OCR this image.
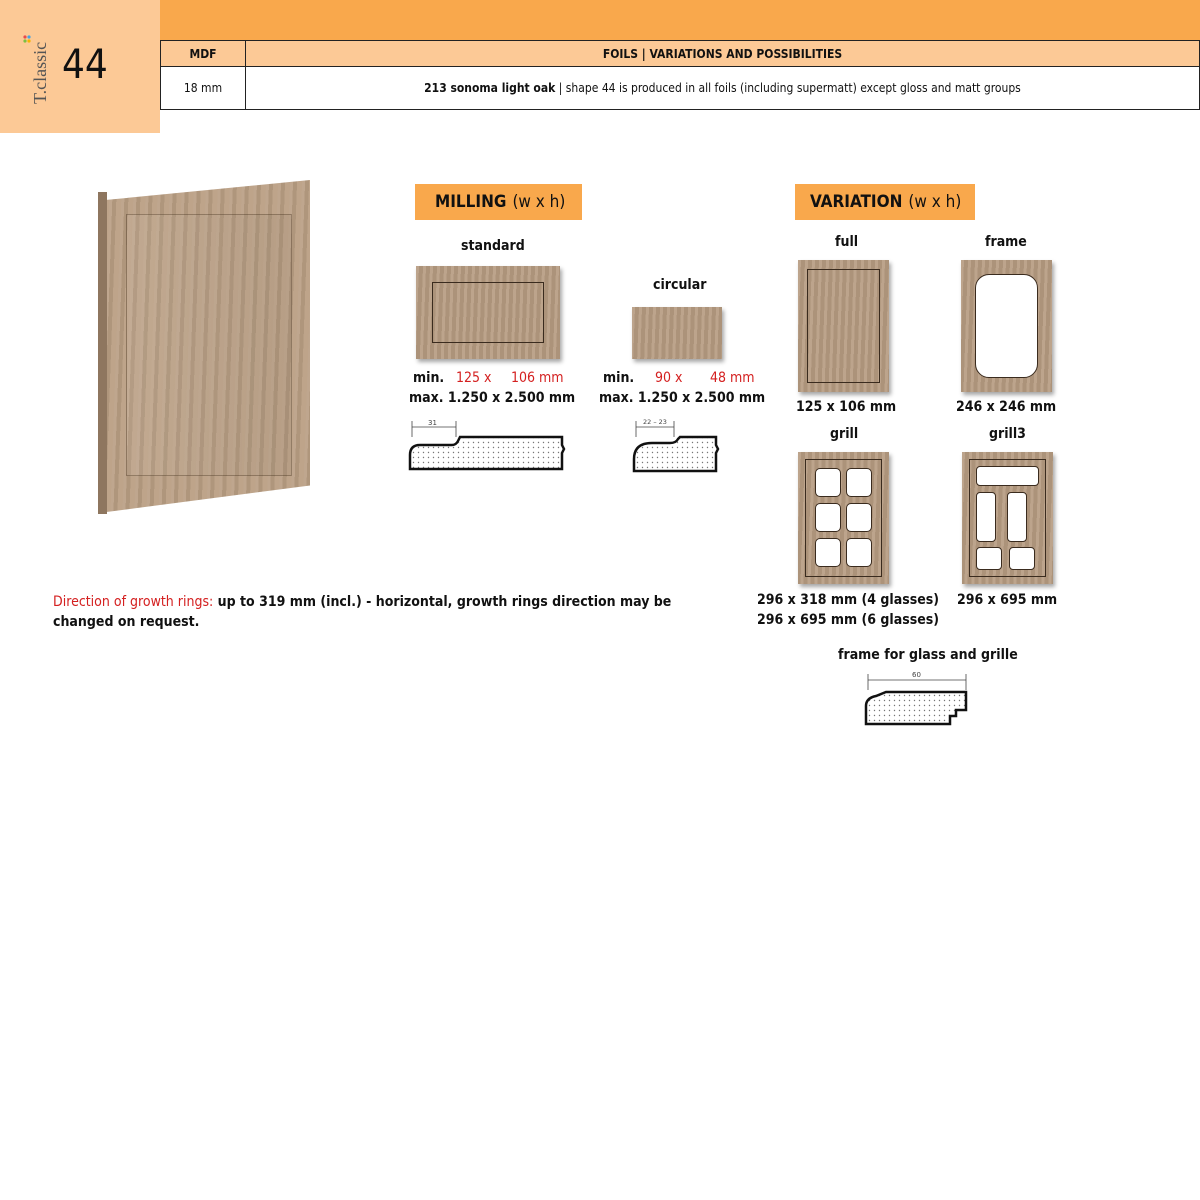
T.classic 44	MDF	FOILS | VARIATIONS AND POSSIBILITIES
18 mm	213 sonoma light oak | shape 44 is produced in all foils (including supermatt) except gloss and matt groups
MILLING (w x h)
standard
min. 125 x 106 mm
max. 1.250 x 2.500 mm
31
circular
min. 90 x 48 mm
max. 1.250 x 2.500 mm
22 – 23
VARIATION (w x h)
full
125 x 106 mm
frame
246 x 246 mm
grill
296 x 318 mm (4 glasses)
296 x 695 mm (6 glasses)
grill3
296 x 695 mm
frame for glass and grille
60
Direction of growth rings: up to 319 mm (incl.) - horizontal, growth rings direction may be changed on request.
